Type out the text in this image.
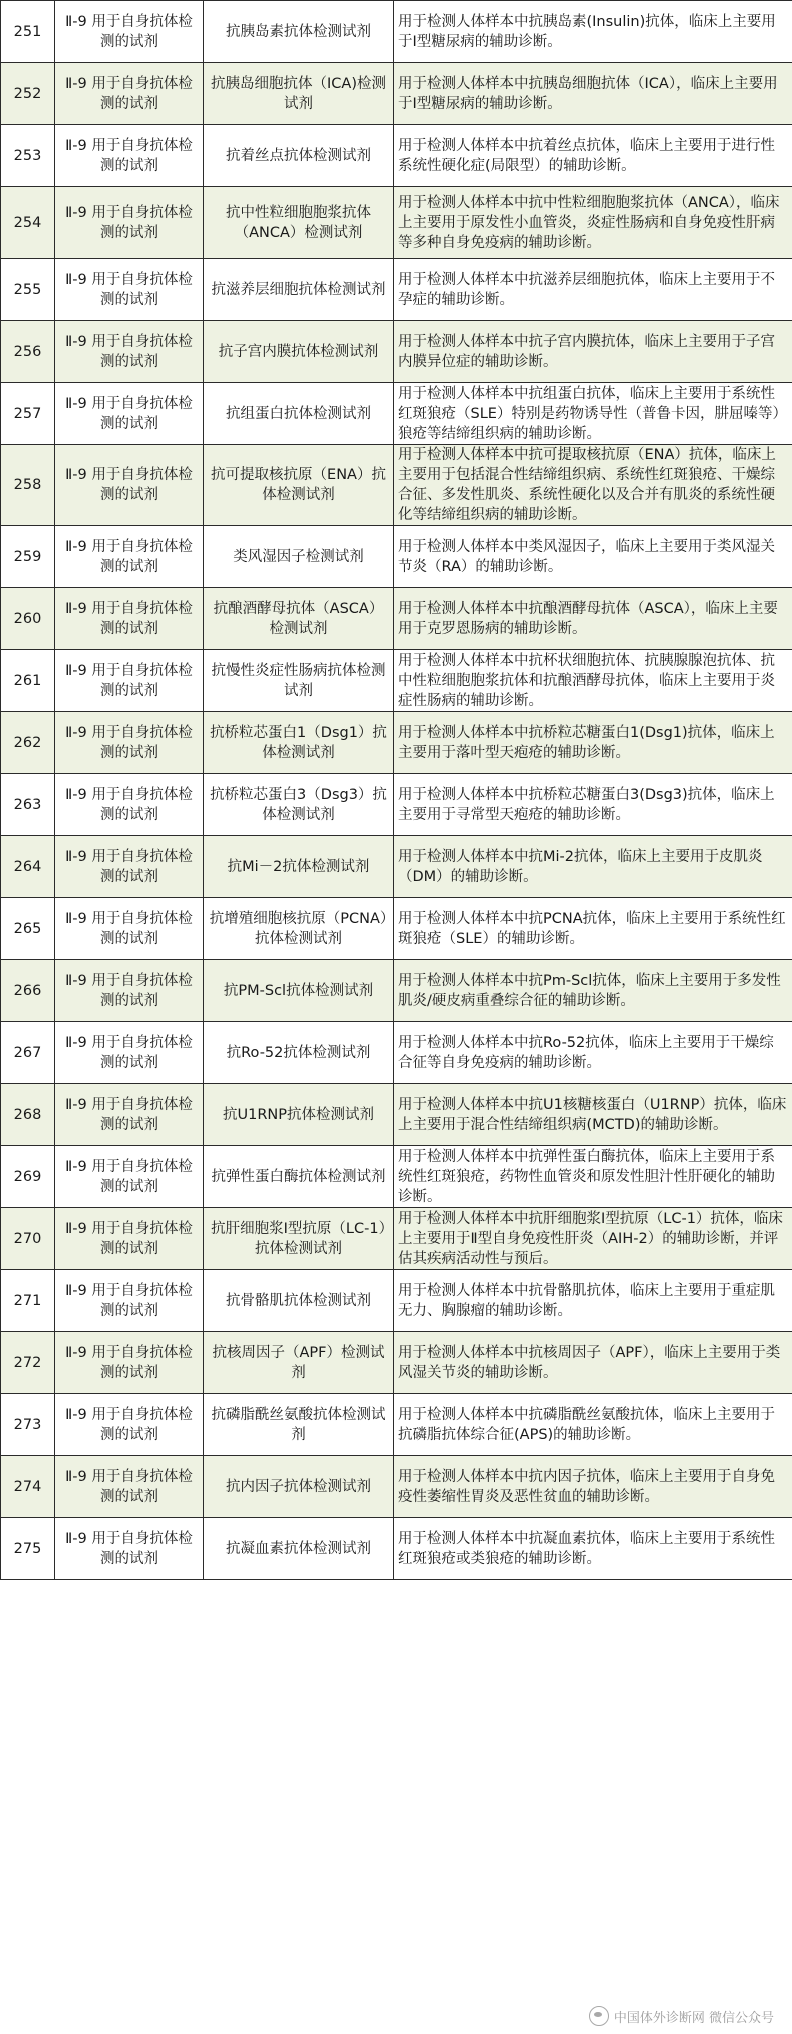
251	Ⅱ-9 用于自身抗体检测的试剂	抗胰岛素抗体检测试剂	用于检测人体样本中抗胰岛素(Insulin)抗体，临床上主要用于Ⅰ型糖尿病的辅助诊断。
252	Ⅱ-9 用于自身抗体检测的试剂	抗胰岛细胞抗体（ICA)检测试剂	用于检测人体样本中抗胰岛细胞抗体（ICA），临床上主要用于Ⅰ型糖尿病的辅助诊断。
253	Ⅱ-9 用于自身抗体检测的试剂	抗着丝点抗体检测试剂	用于检测人体样本中抗着丝点抗体，临床上主要用于进行性系统性硬化症(局限型）的辅助诊断。
254	Ⅱ-9 用于自身抗体检测的试剂	抗中性粒细胞胞浆抗体（ANCA）检测试剂	用于检测人体样本中抗中性粒细胞胞浆抗体（ANCA），临床上主要用于原发性小血管炎，炎症性肠病和自身免疫性肝病等多种自身免疫病的辅助诊断。
255	Ⅱ-9 用于自身抗体检测的试剂	抗滋养层细胞抗体检测试剂	用于检测人体样本中抗滋养层细胞抗体，临床上主要用于不孕症的辅助诊断。
256	Ⅱ-9 用于自身抗体检测的试剂	抗子宫内膜抗体检测试剂	用于检测人体样本中抗子宫内膜抗体，临床上主要用于子宫内膜异位症的辅助诊断。
257	Ⅱ-9 用于自身抗体检测的试剂	抗组蛋白抗体检测试剂	用于检测人体样本中抗组蛋白抗体，临床上主要用于系统性红斑狼疮（SLE）特别是药物诱导性（普鲁卡因，肼屈嗪等）狼疮等结缔组织病的辅助诊断。
258	Ⅱ-9 用于自身抗体检测的试剂	抗可提取核抗原（ENA）抗体检测试剂	用于检测人体样本中抗可提取核抗原（ENA）抗体，临床上主要用于包括混合性结缔组织病、系统性红斑狼疮、干燥综合征、多发性肌炎、系统性硬化以及合并有肌炎的系统性硬化等结缔组织病的辅助诊断。
259	Ⅱ-9 用于自身抗体检测的试剂	类风湿因子检测试剂	用于检测人体样本中类风湿因子，临床上主要用于类风湿关节炎（RA）的辅助诊断。
260	Ⅱ-9 用于自身抗体检测的试剂	抗酿酒酵母抗体（ASCA）检测试剂	用于检测人体样本中抗酿酒酵母抗体（ASCA），临床上主要用于克罗恩肠病的辅助诊断。
261	Ⅱ-9 用于自身抗体检测的试剂	抗慢性炎症性肠病抗体检测试剂	用于检测人体样本中抗杯状细胞抗体、抗胰腺腺泡抗体、抗中性粒细胞胞浆抗体和抗酿酒酵母抗体，临床上主要用于炎症性肠病的辅助诊断。
262	Ⅱ-9 用于自身抗体检测的试剂	抗桥粒芯蛋白1（Dsg1）抗体检测试剂	用于检测人体样本中抗桥粒芯糖蛋白1(Dsg1)抗体，临床上主要用于落叶型天疱疮的辅助诊断。
263	Ⅱ-9 用于自身抗体检测的试剂	抗桥粒芯蛋白3（Dsg3）抗体检测试剂	用于检测人体样本中抗桥粒芯糖蛋白3(Dsg3)抗体，临床上主要用于寻常型天疱疮的辅助诊断。
264	Ⅱ-9 用于自身抗体检测的试剂	抗Mi－2抗体检测试剂	用于检测人体样本中抗Mi-2抗体，临床上主要用于皮肌炎（DM）的辅助诊断。
265	Ⅱ-9 用于自身抗体检测的试剂	抗增殖细胞核抗原（PCNA）抗体检测试剂	用于检测人体样本中抗PCNA抗体，临床上主要用于系统性红斑狼疮（SLE）的辅助诊断。
266	Ⅱ-9 用于自身抗体检测的试剂	抗PM-Scl抗体检测试剂	用于检测人体样本中抗Pm-Scl抗体，临床上主要用于多发性肌炎/硬皮病重叠综合征的辅助诊断。
267	Ⅱ-9 用于自身抗体检测的试剂	抗Ro-52抗体检测试剂	用于检测人体样本中抗Ro-52抗体，临床上主要用于干燥综合征等自身免疫病的辅助诊断。
268	Ⅱ-9 用于自身抗体检测的试剂	抗U1RNP抗体检测试剂	用于检测人体样本中抗U1核糖核蛋白（U1RNP）抗体，临床上主要用于混合性结缔组织病(MCTD)的辅助诊断。
269	Ⅱ-9 用于自身抗体检测的试剂	抗弹性蛋白酶抗体检测试剂	用于检测人体样本中抗弹性蛋白酶抗体，临床上主要用于系统性红斑狼疮，药物性血管炎和原发性胆汁性肝硬化的辅助诊断。
270	Ⅱ-9 用于自身抗体检测的试剂	抗肝细胞浆Ⅰ型抗原（LC-1）抗体检测试剂	用于检测人体样本中抗肝细胞浆Ⅰ型抗原（LC-1）抗体，临床上主要用于Ⅱ型自身免疫性肝炎（AIH-2）的辅助诊断，并评估其疾病活动性与预后。
271	Ⅱ-9 用于自身抗体检测的试剂	抗骨骼肌抗体检测试剂	用于检测人体样本中抗骨骼肌抗体，临床上主要用于重症肌无力、胸腺瘤的辅助诊断。
272	Ⅱ-9 用于自身抗体检测的试剂	抗核周因子（APF）检测试剂	用于检测人体样本中抗核周因子（APF），临床上主要用于类风湿关节炎的辅助诊断。
273	Ⅱ-9 用于自身抗体检测的试剂	抗磷脂酰丝氨酸抗体检测试剂	用于检测人体样本中抗磷脂酰丝氨酸抗体，临床上主要用于抗磷脂抗体综合征(APS)的辅助诊断。
274	Ⅱ-9 用于自身抗体检测的试剂	抗内因子抗体检测试剂	用于检测人体样本中抗内因子抗体，临床上主要用于自身免疫性萎缩性胃炎及恶性贫血的辅助诊断。
275	Ⅱ-9 用于自身抗体检测的试剂	抗凝血素抗体检测试剂	用于检测人体样本中抗凝血素抗体，临床上主要用于系统性红斑狼疮或类狼疮的辅助诊断。
中国体外诊断网 微信公众号
